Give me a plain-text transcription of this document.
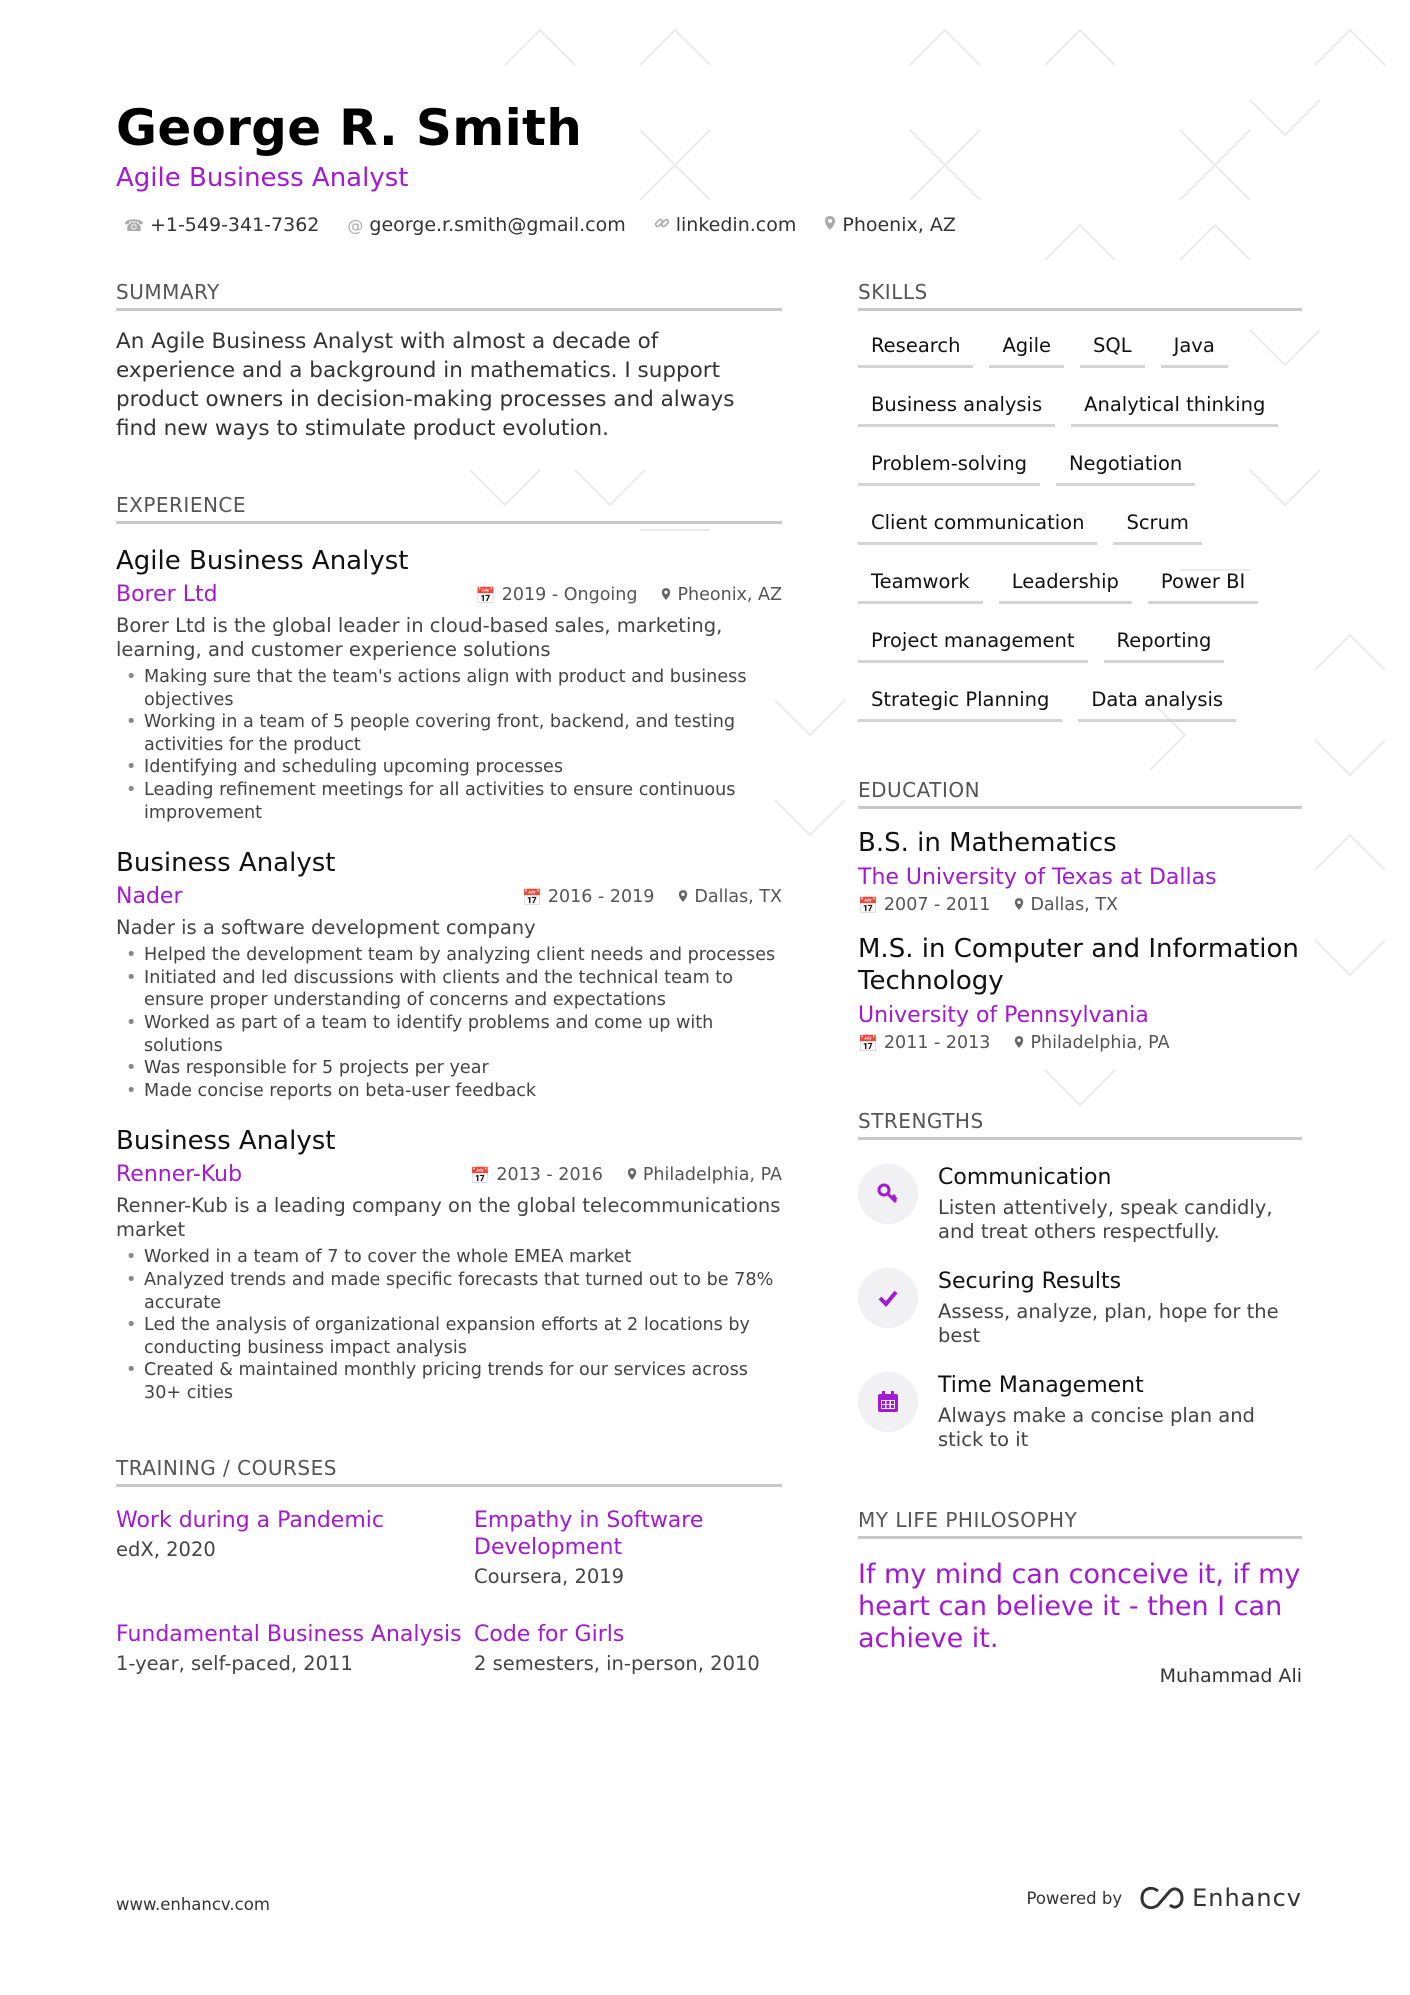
George R. Smith
Agile Business Analyst
☎ +1-549-341-7362 @ george.r.smith@gmail.com	linkedin.com Phoenix, AZ
SUMMARY
An Agile Business Analyst with almost a decade of experience and a background in mathematics. I support product owners in decision-making processes and always find new ways to stimulate product evolution.
EXPERIENCE
Agile Business Analyst
Borer Ltd	📅 2019 - Ongoing Pheonix, AZ
Borer Ltd is the global leader in cloud-based sales, marketing, learning, and customer experience solutions
• Making sure that the team's actions align with product and business objectives
• Working in a team of 5 people covering front, backend, and testing activities for the product
• Identifying and scheduling upcoming processes
• Leading refinement meetings for all activities to ensure continuous improvement
Business Analyst
Nader	📅 2016 - 2019 Dallas, TX
Nader is a software development company
• Helped the development team by analyzing client needs and processes
• Initiated and led discussions with clients and the technical team to ensure proper understanding of concerns and expectations
• Worked as part of a team to identify problems and come up with solutions
• Was responsible for 5 projects per year
• Made concise reports on beta-user feedback
Business Analyst
Renner-Kub	📅 2013 - 2016 Philadelphia, PA
Renner-Kub is a leading company on the global telecommunications market
• Worked in a team of 7 to cover the whole EMEA market
• Analyzed trends and made specific forecasts that turned out to be 78% accurate
• Led the analysis of organizational expansion efforts at 2 locations by conducting business impact analysis
• Created & maintained monthly pricing trends for our services across 30+ cities
TRAINING / COURSES
Work during a Pandemic
edX, 2020
Empathy in Software Development
Coursera, 2019
Fundamental Business Analysis
1-year, self-paced, 2011
Code for Girls
2 semesters, in-person, 2010
SKILLS
Research	Agile	SQL	Java
Business analysis	Analytical thinking
Problem-solving	Negotiation
Client communication	Scrum
Teamwork	Leadership	Power BI
Project management	Reporting
Strategic Planning	Data analysis
EDUCATION
B.S. in Mathematics
The University of Texas at Dallas
📅 2007 - 2011 Dallas, TX
M.S. in Computer and Information Technology
University of Pennsylvania
📅 2011 - 2013 Philadelphia, PA
STRENGTHS
Communication
Listen attentively, speak candidly, and treat others respectfully.
Securing Results
Assess, analyze, plan, hope for the best
Time Management
Always make a concise plan and stick to it
MY LIFE PHILOSOPHY
If my mind can conceive it, if my heart can believe it - then I can achieve it.
Muhammad Ali
www.enhancv.com	Powered by	Enhancv
